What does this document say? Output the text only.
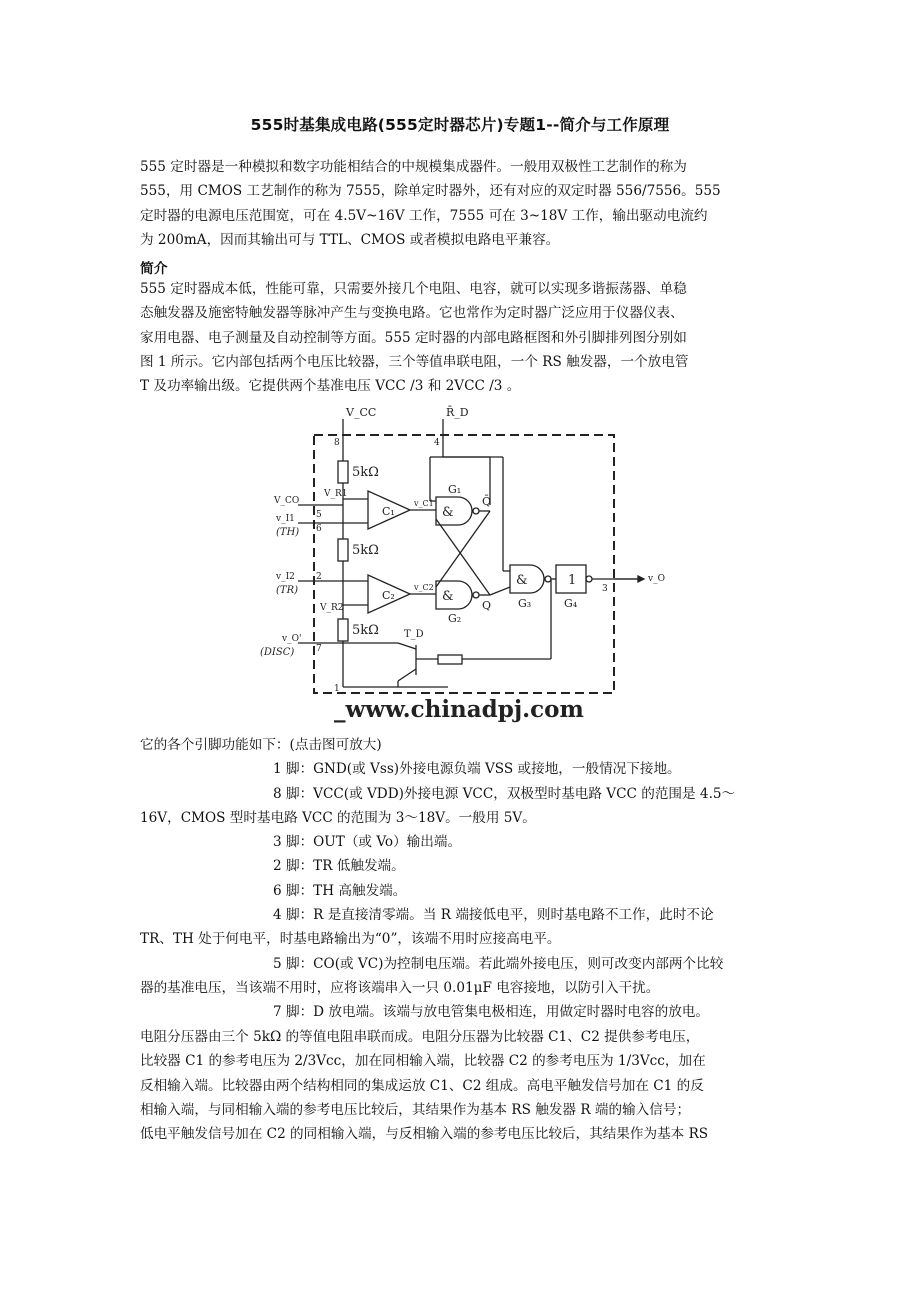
555时基集成电路(555定时器芯片)专题1--简介与工作原理
555 定时器是一种模拟和数字功能相结合的中规模集成器件。一般用双极性工艺制作的称为
555，用 CMOS 工艺制作的称为 7555，除单定时器外，还有对应的双定时器 556/7556。555
定时器的电源电压范围宽，可在 4.5V~16V 工作，7555 可在 3~18V 工作，输出驱动电流约
为 200mA，因而其输出可与 TTL、CMOS 或者模拟电路电平兼容。
简介
555 定时器成本低，性能可靠，只需要外接几个电阻、电容，就可以实现多谐振荡器、单稳
态触发器及施密特触发器等脉冲产生与变换电路。它也常作为定时器广泛应用于仪器仪表、
家用电器、电子测量及自动控制等方面。555 定时器的内部电路框图和外引脚排列图分别如
图 1 所示。它内部包括两个电压比较器，三个等值串联电阻，一个 RS 触发器，一个放电管
T 及功率输出级。它提供两个基准电压 VCC /3 和 2VCC /3 。
V_CC	R̄_D
5kΩ
5kΩ
5kΩ
C₁
C₂
G₁
G₂
G₃	G₄
&
&
&	1
Q̄
Q
V_CO
V_R1
V_R2
v_C1
v_C2
v_I1
(TH)
v_I2
(TR)
v_O'
(DISC)
T_D
v_O
8	4
5
6
2
7
1
3
_www.chinadpj.com
它的各个引脚功能如下：(点击图可放大)
1 脚：GND(或 Vss)外接电源负端 VSS 或接地，一般情况下接地。
8 脚：VCC(或 VDD)外接电源 VCC，双极型时基电路 VCC 的范围是 4.5～
16V，CMOS 型时基电路 VCC 的范围为 3～18V。一般用 5V。
3 脚：OUT（或 Vo）输出端。
2 脚：TR 低触发端。
6 脚：TH 高触发端。
4 脚：R 是直接清零端。当 R 端接低电平，则时基电路不工作，此时不论
TR、TH 处于何电平，时基电路输出为“0”，该端不用时应接高电平。
5 脚：CO(或 VC)为控制电压端。若此端外接电压，则可改变内部两个比较
器的基准电压，当该端不用时，应将该端串入一只 0.01μF 电容接地，以防引入干扰。
7 脚：D 放电端。该端与放电管集电极相连，用做定时器时电容的放电。
电阻分压器由三个 5kΩ 的等值电阻串联而成。电阻分压器为比较器 C1、C2 提供参考电压，
比较器 C1 的参考电压为 2/3Vcc，加在同相输入端，比较器 C2 的参考电压为 1/3Vcc，加在
反相输入端。比较器由两个结构相同的集成运放 C1、C2 组成。高电平触发信号加在 C1 的反
相输入端，与同相输入端的参考电压比较后，其结果作为基本 RS 触发器 R 端的输入信号；
低电平触发信号加在 C2 的同相输入端，与反相输入端的参考电压比较后，其结果作为基本 RS
